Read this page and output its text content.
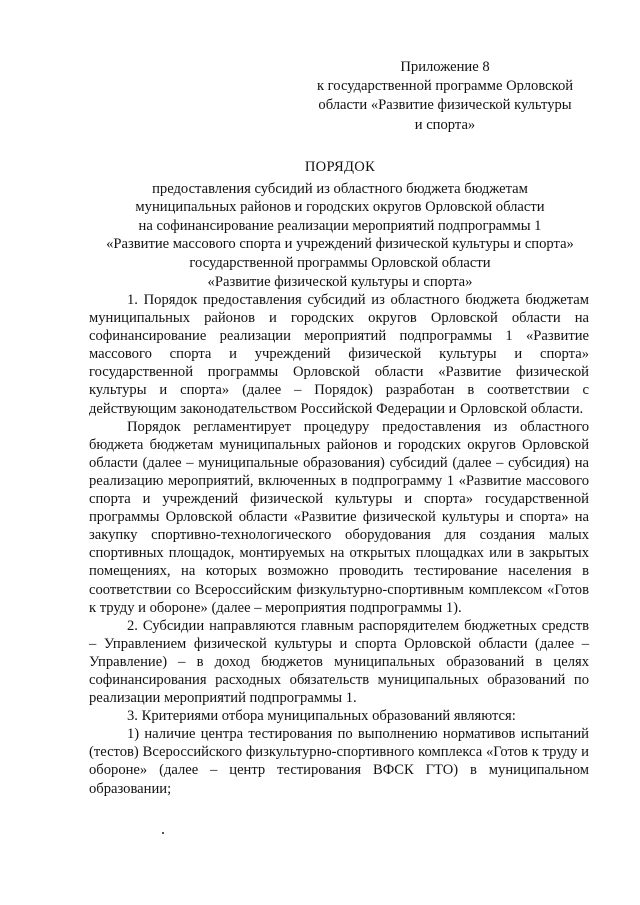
Приложение 8
к государственной программе Орловской
области «Развитие физической культуры
и спорта»
ПОРЯДОК
предоставления субсидий из областного бюджета бюджетам
муниципальных районов и городских округов Орловской области
на софинансирование реализации мероприятий подпрограммы 1
«Развитие массового спорта и учреждений физической культуры и спорта»
государственной программы Орловской области
«Развитие физической культуры и спорта»

1. Порядок предоставления субсидий из областного бюджета бюджетам муниципальных районов и городских округов Орловской области на софинансирование реализации мероприятий подпрограммы 1 «Развитие массового спорта и учреждений физической культуры и спорта» государственной программы Орловской области «Развитие физической культуры и спорта» (далее – Порядок) разработан в соответствии с действующим законодательством Российской Федерации и Орловской области.

Порядок регламентирует процедуру предоставления из областного бюджета бюджетам муниципальных районов и городских округов Орловской области (далее – муниципальные образования) субсидий (далее – субсидия) на реализацию мероприятий, включенных в подпрограмму 1 «Развитие массового спорта и учреждений физической культуры и спорта» государственной программы Орловской области «Развитие физической культуры и спорта» на закупку спортивно-технологического оборудования для создания малых спортивных площадок, монтируемых на открытых площадках или в закрытых помещениях, на которых возможно проводить тестирование населения в соответствии со Всероссийским физкультурно-спортивным комплексом «Готов к труду и обороне» (далее – мероприятия подпрограммы 1).

2. Субсидии направляются главным распорядителем бюджетных средств – Управлением физической культуры и спорта Орловской области (далее – Управление) – в доход бюджетов муниципальных образований в целях софинансирования расходных обязательств муниципальных образований по реализации мероприятий подпрограммы 1.

3. Критериями отбора муниципальных образований являются:

1) наличие центра тестирования по выполнению нормативов испытаний (тестов) Всероссийского физкультурно-спортивного комплекса «Готов к труду и обороне» (далее – центр тестирования ВФСК ГТО) в муниципальном образовании;
